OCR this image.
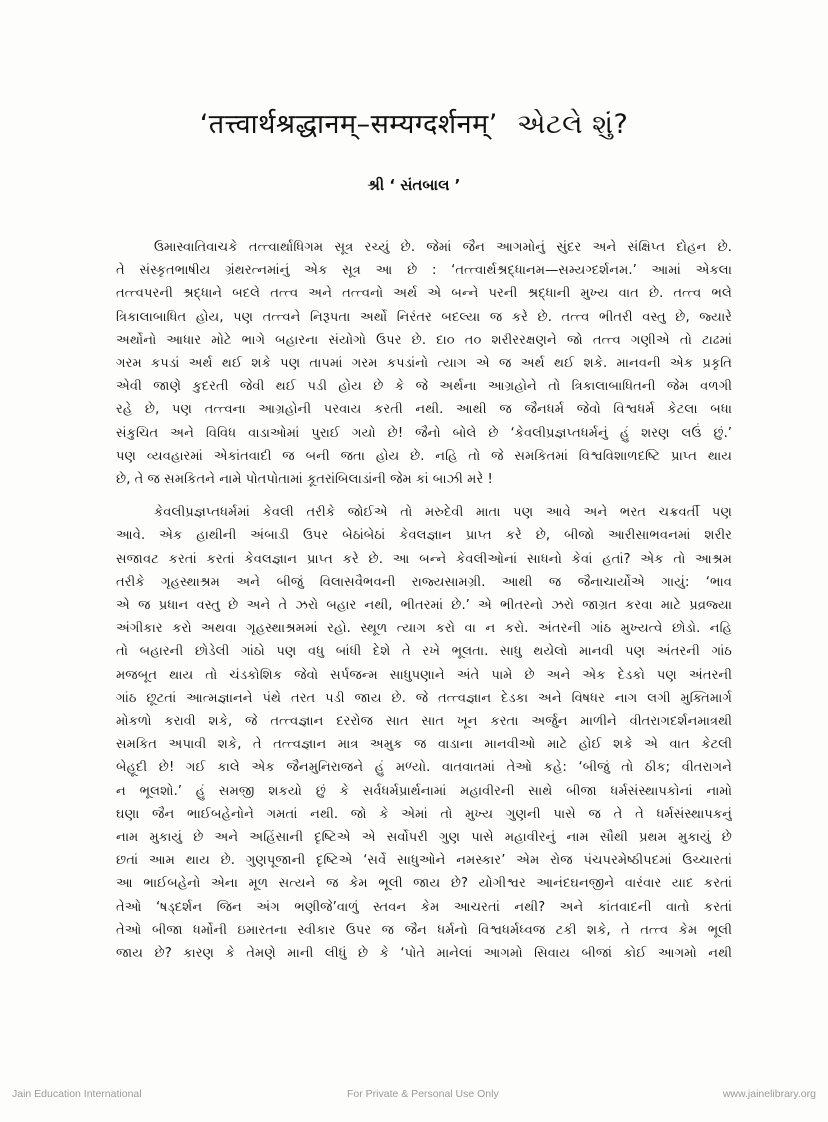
‘तत्त्वार्थश्रद्धानम्–सम्यग्दर्शनम्’ એટલે શું?
શ્રી ‘ સંતબાલ ’

ઉમાસ્વાતિવાચકે તત્ત્વાર્થાધિગમ સૂત્ર રચ્યું છે. જેમાં જૈન આગમોનું સુંદર અને સંક્ષિપ્ત દોહન છે.
તે સંસ્કૃતભાષીય ગ્રંથરત્નમાંનું એક સૂત્ર આ છે : ‘તત્ત્વાર્થશ્રદ્ધાનમ—સમ્યગ્દર્શનમ.’ આમાં એકલા
તત્ત્વપરની શ્રદ્ધાને બદલે તત્ત્વ અને તત્ત્વનો અર્થ એ બન્ને પરની શ્રદ્ધાની મુખ્ય વાત છે. તત્ત્વ ભલે
ત્રિકાલાબાધિત હોય, પણ તત્ત્વને નિરૂપતા અર્થો નિરંતર બદલ્યા જ કરે છે. તત્ત્વ ભીતરી વસ્તુ છે, જ્યારે
અર્થોનો આધાર મોટે ભાગે બહારના સંયોગો ઉપર છે. દા૦ ત૦ શરીરરક્ષણને જો તત્ત્વ ગણીએ તો ટાઢમાં
ગરમ કપડાં અર્થ થઈ શકે પણ તાપમાં ગરમ કપડાંનો ત્યાગ એ જ અર્થ થઈ શકે. માનવની એક પ્રકૃતિ
એવી જાણે કુદરતી જેવી થઈ પડી હોય છે કે જે અર્થના આગ્રહોને તો ત્રિકાલાબાધિતની જેમ વળગી
રહે છે, પણ તત્ત્વના આગ્રહોની પરવાય કરતી નથી. આથી જ જૈનધર્મ જેવો વિશ્વધર્મ કેટલા બધા
સંકુચિત અને વિવિધ વાડાઓમાં પુરાઈ ગયો છે! જૈનો બોલે છે ‘કેવલીપ્રજ્ઞપ્તધર્મનું હું શરણ લઉં છું.’
પણ વ્યવહારમાં એકાંતવાદી જ બની જતા હોય છે. નહિ તો જે સમકિતમાં વિશ્વવિશાળદષ્ટિ પ્રાપ્ત થાય
છે, તે જ સમકિતને નામે પોતપોતામાં કૂતરાંબિલાડાંની જેમ કાં બાઝી મરે !

કેવલીપ્રજ્ઞપ્તધર્મમાં કેવલી તરીકે જોઈએ તો મરુદેવી માતા પણ આવે અને ભરત ચક્રવર્તી પણ
આવે. એક હાથીની અંબાડી ઉપર બેઠાંબેઠાં કેવલજ્ઞાન પ્રાપ્ત કરે છે, બીજો આરીસાભવનમાં શરીર
સજાવટ કરતાં કરતાં કેવલજ્ઞાન પ્રાપ્ત કરે છે. આ બન્ને કેવલીઓનાં સાધનો કેવાં હતાં? એક તો આશ્રમ
તરીકે ગૃહસ્થાશ્રમ અને બીજું વિલાસવૈભવની રાજ્યસામગ્રી. આથી જ જૈનાચાર્યોએ ગાયું: ‘ભાવ
એ જ પ્રધાન વસ્તુ છે અને તે ઝરો બહાર નથી, ભીતરમાં છે.’ એ ભીતરનો ઝરો જાગ્રત કરવા માટે પ્રવ્રજ્યા
અંગીકાર કરો અથવા ગૃહસ્થાશ્રમમાં રહો. સ્થૂળ ત્યાગ કરો વા ન કરો. અંતરની ગાંઠ મુખ્યત્વે છોડો. નહિ
તો બહારની છોડેલી ગાંઠો પણ વધુ બાંધી દેશે તે રખે ભૂલતા. સાધુ થયેલો માનવી પણ અંતરની ગાંઠ
મજબૂત થાય તો ચંડકોશિક જેવો સર્પજન્મ સાધુપણાને અંતે પામે છે અને એક દેડકો પણ અંતરની
ગાંઠ છૂટતાં આત્મજ્ઞાનને પંથે તરત પડી જાય છે. જે તત્ત્વજ્ઞાન દેડકા અને વિષધર નાગ લગી મુક્તિમાર્ગ
મોકળો કરાવી શકે, જે તત્ત્વજ્ઞાન દરરોજ સાત સાત ખૂન કરતા અર્જુન માળીને વીતરાગદર્શનમાત્રથી
સમકિત અપાવી શકે, તે તત્ત્વજ્ઞાન માત્ર અમુક જ વાડાના માનવીઓ માટે હોઈ શકે એ વાત કેટલી
બેહૂદી છે! ગઈ કાલે એક જૈનમુનિરાજને હું મળ્યો. વાતવાતમાં તેઓ કહે: ‘બીજું તો ઠીક; વીતરાગને
ન ભૂલશો.’ હું સમજી શકયો છું કે સર્વધર્મપ્રાર્થનામાં મહાવીરની સાથે બીજા ધર્મસંસ્થાપકોનાં નામો
ઘણા જૈન ભાઈબહેનોને ગમતાં નથી. જો કે એમાં તો મુખ્ય ગુણની પાસે જ તે તે ધર્મસંસ્થાપકનું
નામ મુકાયું છે અને અહિંસાની દૃષ્ટિએ એ સર્વોપરી ગુણ પાસે મહાવીરનું નામ સૌથી પ્રથમ મુકાયું છે
છતાં આમ થાય છે. ગુણપૂજાની દૃષ્ટિએ ‘સર્વે સાધુઓને નમસ્કાર’ એમ રોજ પંચપરમેષ્ઠીપદમાં ઉચ્ચારતાં
આ ભાઈબહેનો એના મૂળ સત્યને જ કેમ ભૂલી જાય છે? યોગીશ્વર આનંદઘનજીને વારંવાર યાદ કરતાં
તેઓ ‘ષડ્દર્શન જિન અંગ ભણીજે’વાળું સ્તવન કેમ આચરતાં નથી? અને કાંતવાદની વાતો કરતાં
તેઓ બીજા ધર્મોની ઇમારતના સ્વીકાર ઉપર જ જૈન ધર્મનો વિશ્વધર્મધ્વજ ટકી શકે, તે તત્ત્વ કેમ ભૂલી
જાય છે? કારણ કે તેમણે માની લીધું છે કે ‘પોતે માનેલાં આગમો સિવાય બીજાં કોઈ આગમો નથી

Jain Education International	For Private & Personal Use Only	www.jainelibrary.org
